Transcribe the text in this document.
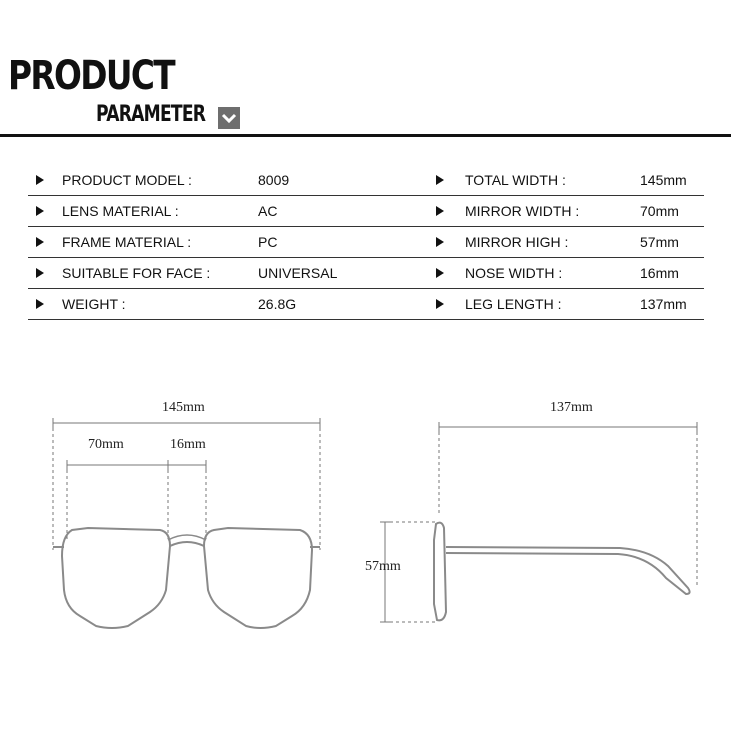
PRODUCT
PARAMETER
PRODUCT MODEL :	8009	TOTAL WIDTH :	145mm
LENS MATERIAL :	AC	MIRROR WIDTH :	70mm
FRAME MATERIAL :	PC	MIRROR HIGH :	57mm
SUITABLE FOR FACE :	UNIVERSAL	NOSE WIDTH :	16mm
WEIGHT :	26.8G	LEG LENGTH :	137mm
145mm
70mm	16mm
137mm
57mm
